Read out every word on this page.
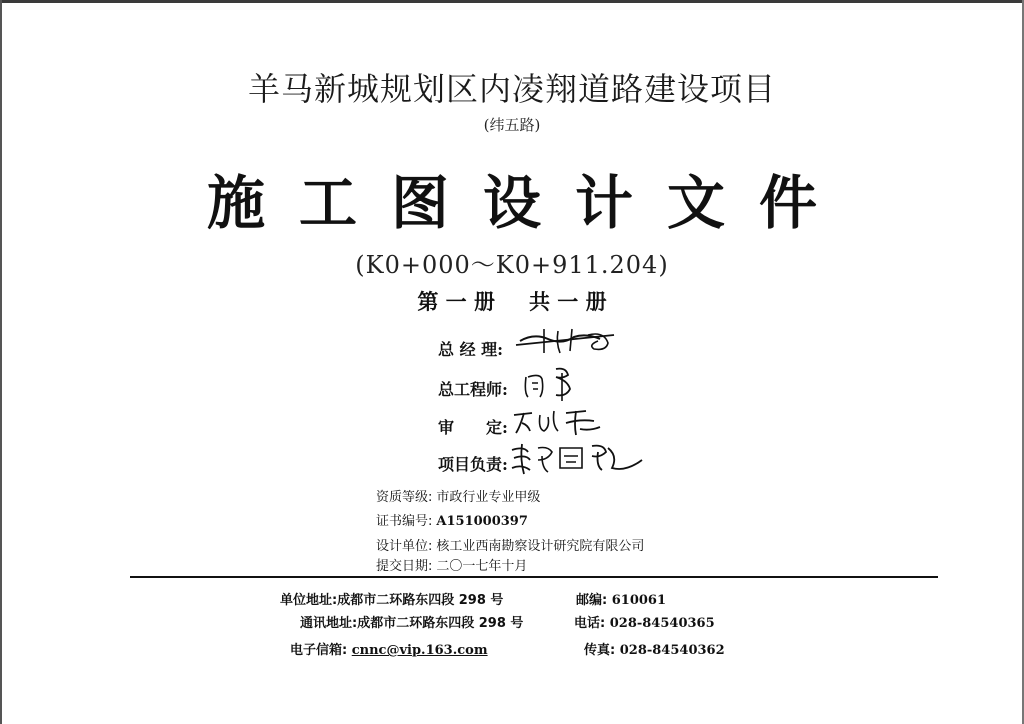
羊马新城规划区内凌翔道路建设项目
(纬五路)
施工图设计文件
(K0+000～K0+911.204)
第 一 册 共 一 册
总 经 理:
总工程师:
审　　定:
项目负责:
资质等级: 市政行业专业甲级
证书编号: A151000397
设计单位: 核工业西南勘察设计研究院有限公司
提交日期: 二〇一七年十月
单位地址:成都市二环路东四段 298 号	邮编: 610061
通讯地址:成都市二环路东四段 298 号	电话: 028-84540365
电子信箱: cnnc@vip.163.com	传真: 028-84540362
